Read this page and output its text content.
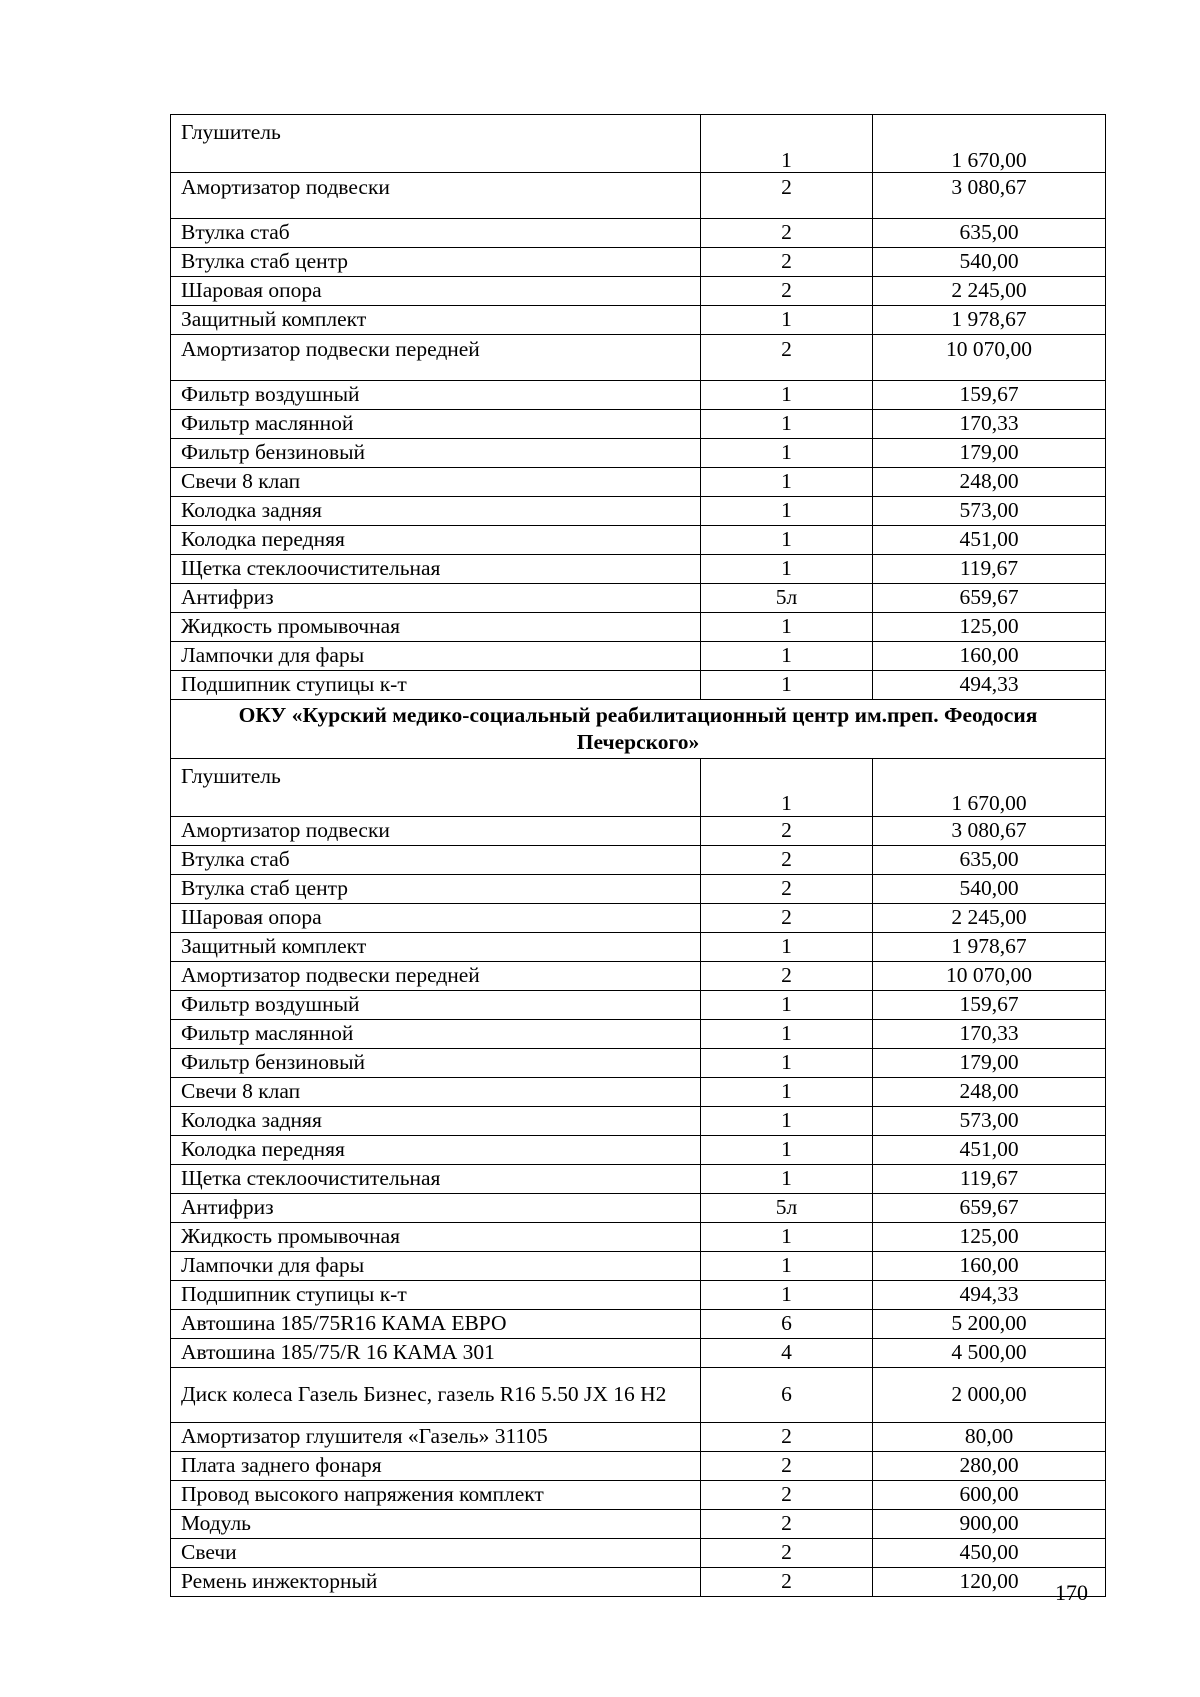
Глушитель	1	1 670,00
Амортизатор подвески	2	3 080,67
Втулка стаб	2	635,00
Втулка стаб центр	2	540,00
Шаровая опора	2	2 245,00
Защитный комплект	1	1 978,67
Амортизатор подвески передней	2	10 070,00
Фильтр воздушный	1	159,67
Фильтр маслянной	1	170,33
Фильтр бензиновый	1	179,00
Свечи 8 клап	1	248,00
Колодка задняя	1	573,00
Колодка передняя	1	451,00
Щетка стеклоочистительная	1	119,67
Антифриз	5л	659,67
Жидкость промывочная	1	125,00
Лампочки для фары	1	160,00
Подшипник ступицы к-т	1	494,33
ОКУ «Курский медико-социальный реабилитационный центр им.преп. Феодосия Печерского»		
Глушитель	1	1 670,00
Амортизатор подвески	2	3 080,67
Втулка стаб	2	635,00
Втулка стаб центр	2	540,00
Шаровая опора	2	2 245,00
Защитный комплект	1	1 978,67
Амортизатор подвески передней	2	10 070,00
Фильтр воздушный	1	159,67
Фильтр маслянной	1	170,33
Фильтр бензиновый	1	179,00
Свечи 8 клап	1	248,00
Колодка задняя	1	573,00
Колодка передняя	1	451,00
Щетка стеклоочистительная	1	119,67
Антифриз	5л	659,67
Жидкость промывочная	1	125,00
Лампочки для фары	1	160,00
Подшипник ступицы к-т	1	494,33
Автошина 185/75R16 КАМА ЕВРО	6	5 200,00
Автошина 185/75/R 16 КАМА 301	4	4 500,00
Диск колеса Газель Бизнес, газель R16 5.50 JX 16 H2	6	2 000,00
Амортизатор глушителя «Газель» 31105	2	80,00
Плата заднего фонаря	2	280,00
Провод высокого напряжения комплект	2	600,00
Модуль	2	900,00
Свечи	2	450,00
Ремень инжекторный	2	120,00 170
